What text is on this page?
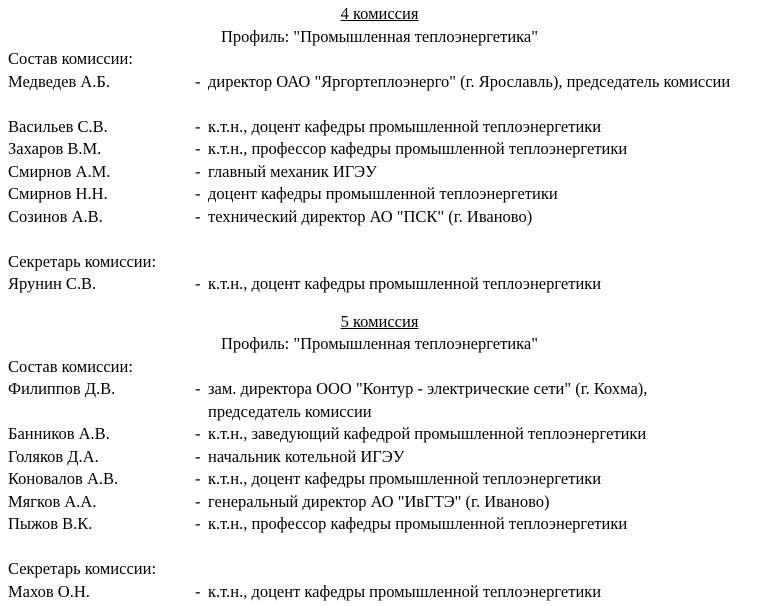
4 комиссия
Профиль: "Промышленная теплоэнергетика"
Состав комиссии:
Медведев А.Б.	- директор ОАО "Яргортеплоэнерго" (г. Ярославль), председатель комиссии
Васильев С.В.	- к.т.н., доцент кафедры промышленной теплоэнергетики
Захаров В.М.	- к.т.н., профессор кафедры промышленной теплоэнергетики
Смирнов А.М.	- главный механик ИГЭУ
Смирнов Н.Н.	- доцент кафедры промышленной теплоэнергетики
Созинов А.В.	- технический директор АО "ПСК" (г. Иваново)
Секретарь комиссии:
Ярунин С.В.	- к.т.н., доцент кафедры промышленной теплоэнергетики
5 комиссия
Профиль: "Промышленная теплоэнергетика"
Состав комиссии:
Филиппов Д.В.	- зам. директора ООО "Контур - электрические сети" (г. Кохма),
председатель комиссии
Банников А.В.	- к.т.н., заведующий кафедрой промышленной теплоэнергетики
Голяков Д.А.	- начальник котельной ИГЭУ
Коновалов А.В.	- к.т.н., доцент кафедры промышленной теплоэнергетики
Мягков А.А.	- генеральный директор АО "ИвГТЭ" (г. Иваново)
Пыжов В.К.	- к.т.н., профессор кафедры промышленной теплоэнергетики
Секретарь комиссии:
Махов О.Н.	- к.т.н., доцент кафедры промышленной теплоэнергетики
